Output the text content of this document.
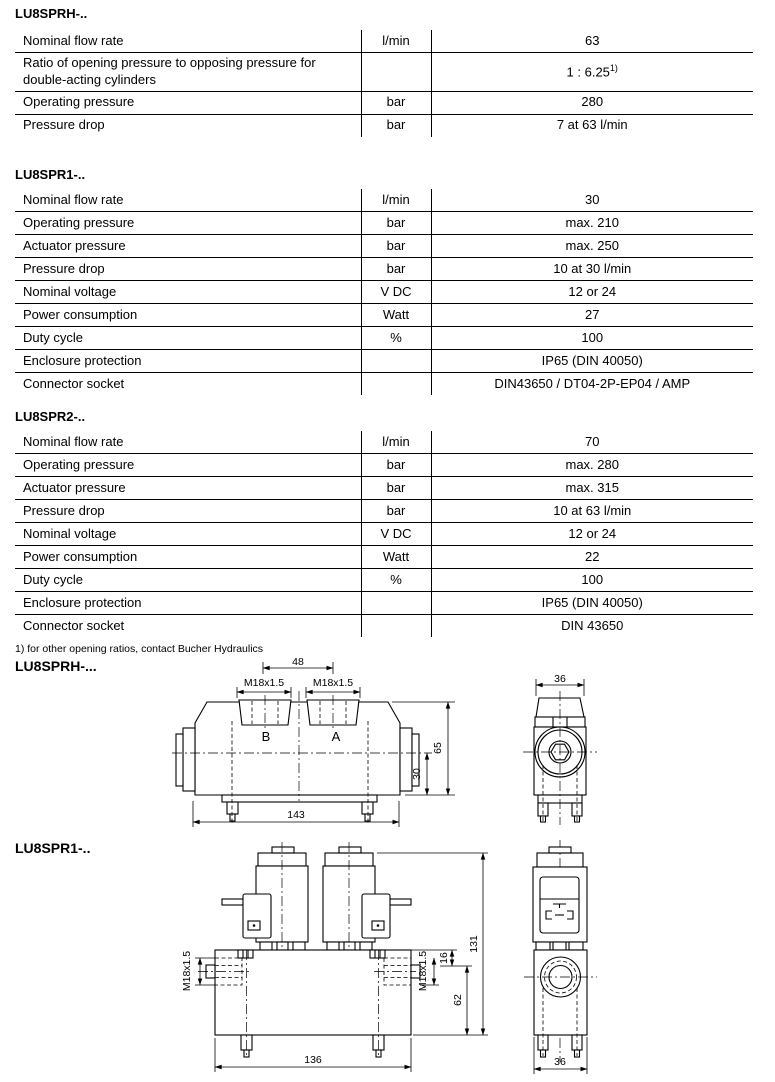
LU8SPRH-..
Nominal flow rate	l/min	63
Ratio of opening pressure to opposing pressure for double-acting cylinders		1 : 6.25$^{1)}$
Operating pressure	bar	280
Pressure drop	bar	7 at 63 l/min
LU8SPR1-..
Nominal flow rate	l/min	30
Operating pressure	bar	max. 210
Actuator pressure	bar	max. 250
Pressure drop	bar	10 at 30 l/min
Nominal voltage	V DC	12 or 24
Power consumption	Watt	27
Duty cycle	%	100
Enclosure protection		IP65 (DIN 40050)
Connector socket		DIN43650 / DT04-2P-EP04 / AMP
LU8SPR2-..
Nominal flow rate	l/min	70
Operating pressure	bar	max. 280
Actuator pressure	bar	max. 315
Pressure drop	bar	10 at 63 l/min
Nominal voltage	V DC	12 or 24
Power consumption	Watt	22
Duty cycle	%	100
Enclosure protection		IP65 (DIN 40050)
Connector socket		DIN 43650
1) for other opening ratios, contact Bucher Hydraulics
LU8SPRH-...
B	A
48
M18x1.5	M18x1.5
143
30
65
36
LU8SPR1-..
M18x1.5	M18x1.5 16
62
131
136	36
